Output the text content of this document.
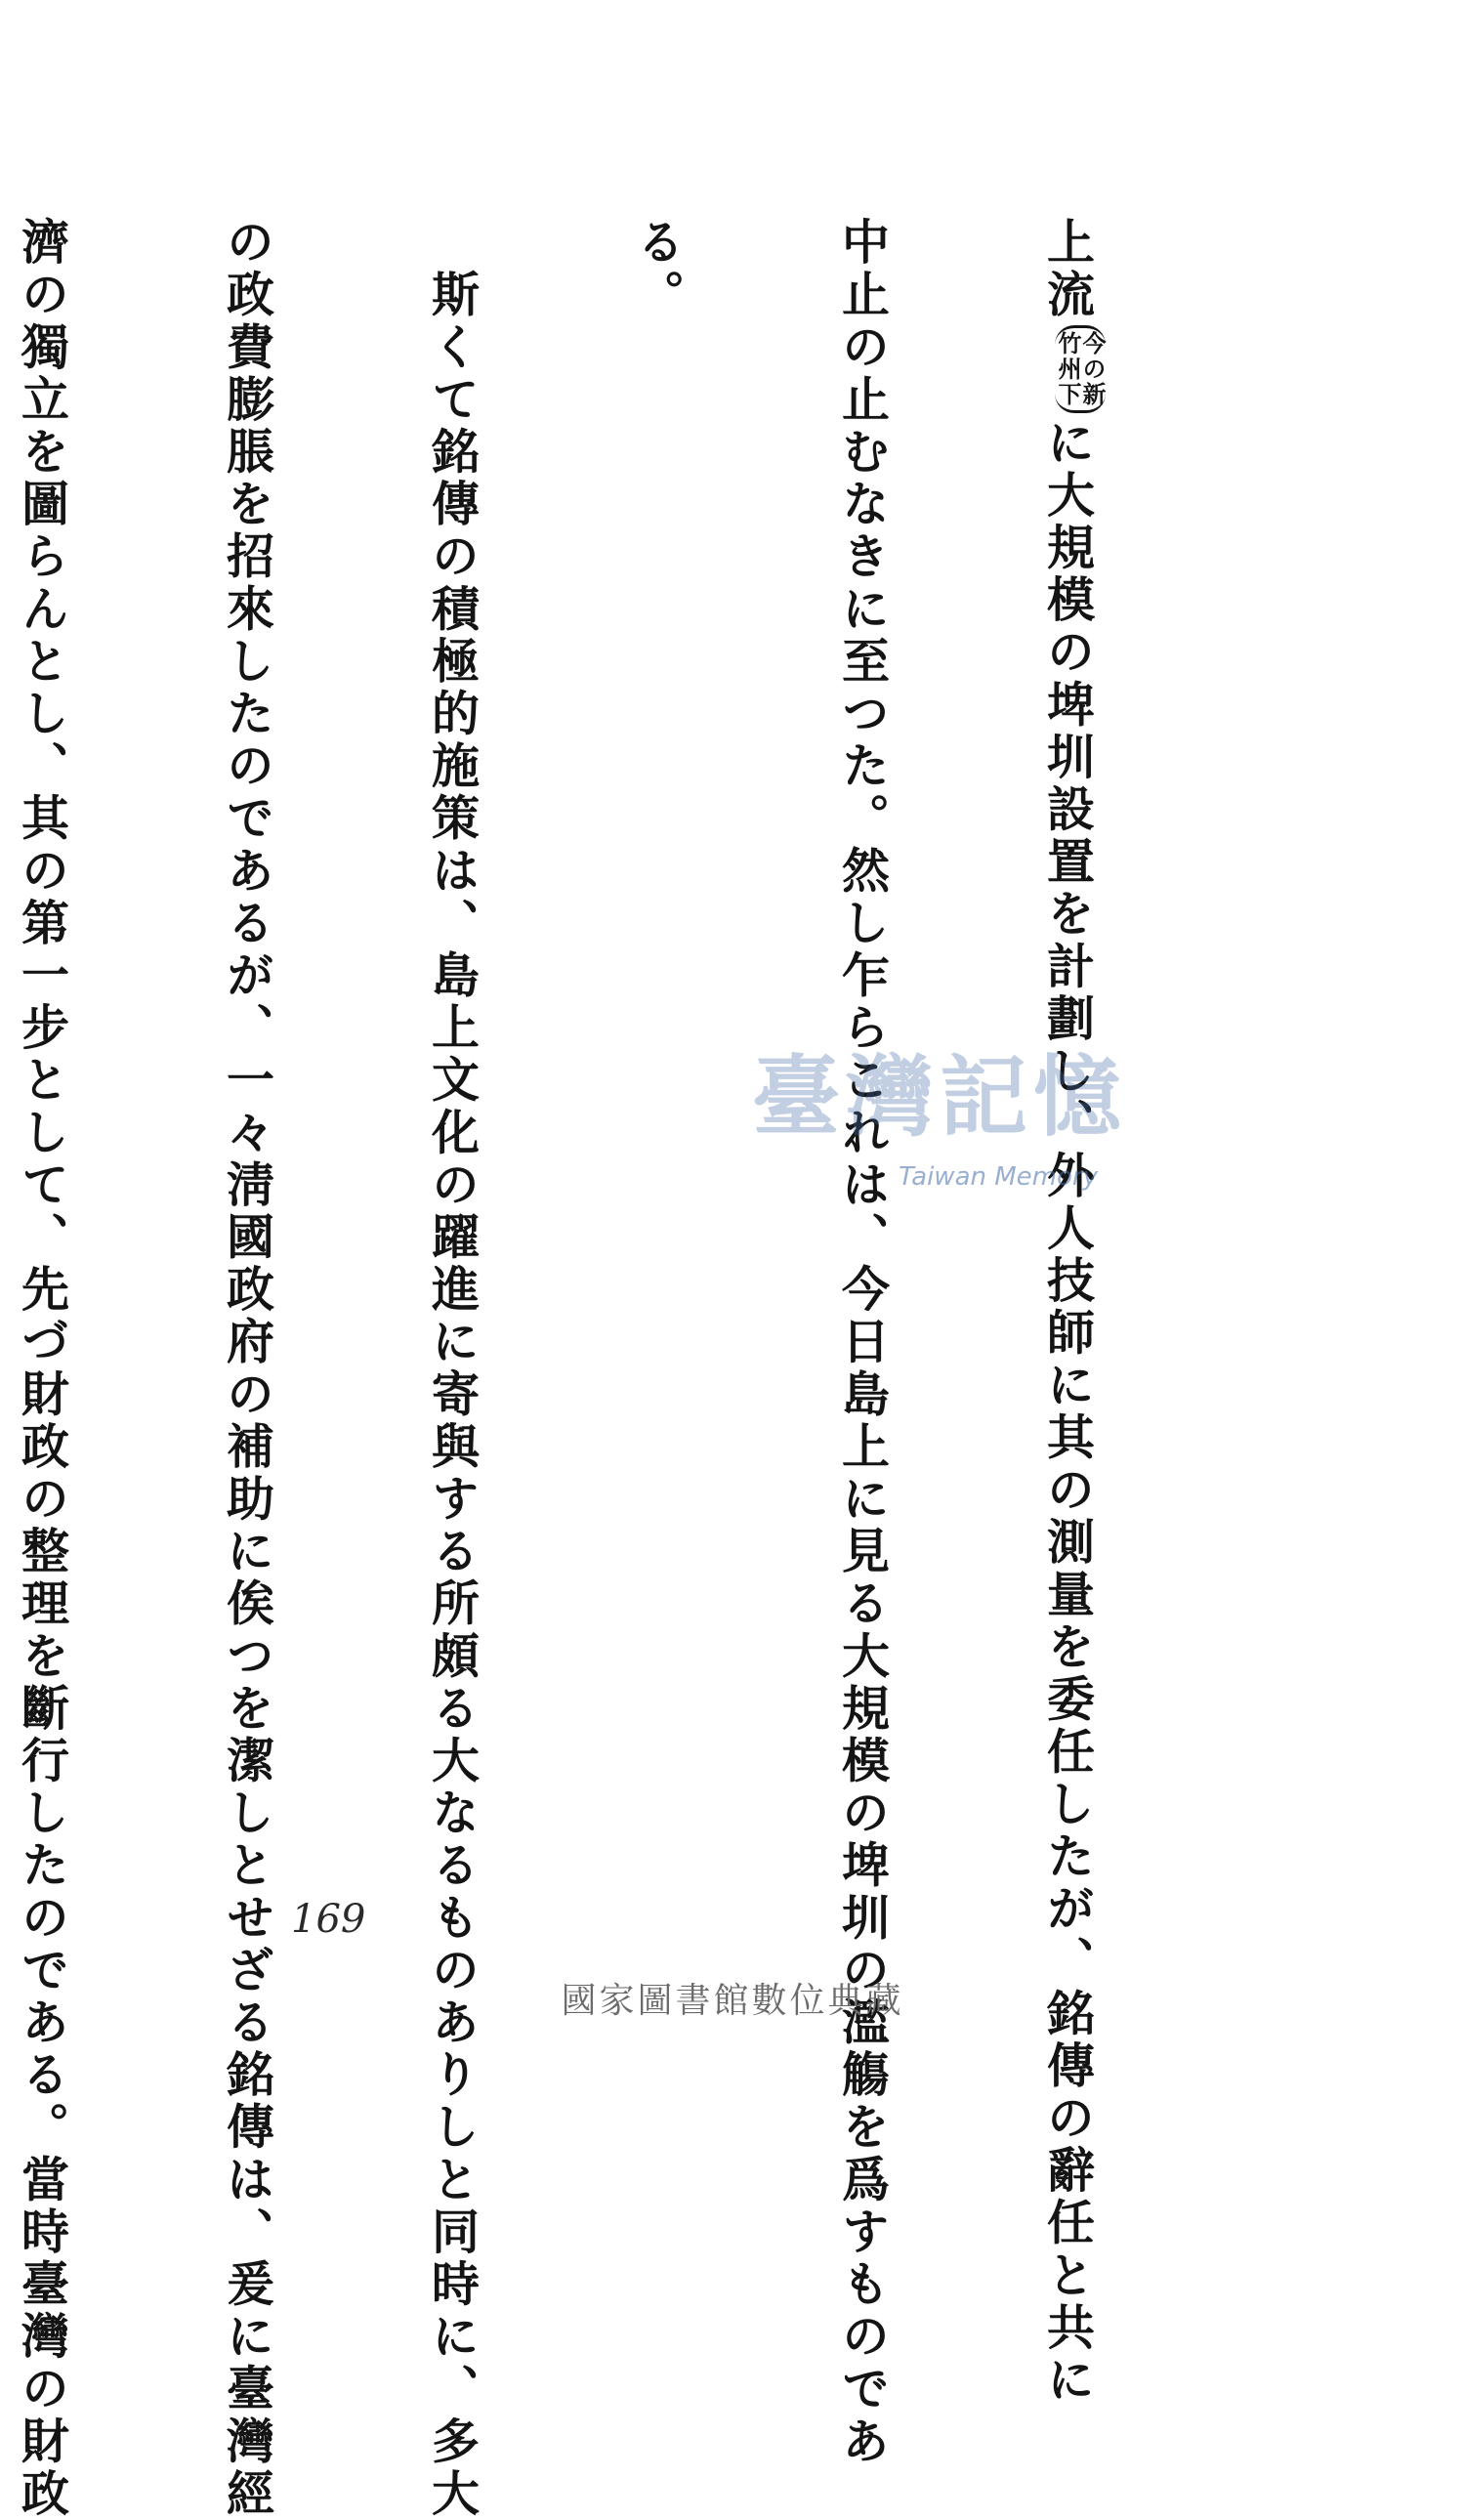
上流今の新
竹州下に大規模の埤圳設置を計劃し、外人技師に其の測量を委任したが、銘傳の辭任と共に

中止の止むなきに至つた。然し乍らこれは、今日島上に見る大規模の埤圳の濫觴を爲すものであ

る。

　斯くて銘傳の積極的施策は、島上文化の躍進に寄與する所頗る大なるものありしと同時に、多大

の政費膨脹を招來したのであるが、一々淸國政府の補助に俟つを潔しとせざる銘傳は、爰に臺灣經

濟の獨立を圖らんとし、其の第一步として、先づ財政の整理を斷行したのである。當時臺灣の財政

	臺灣記憶
Taiwan Memory
169
國家圖書館數位典藏
